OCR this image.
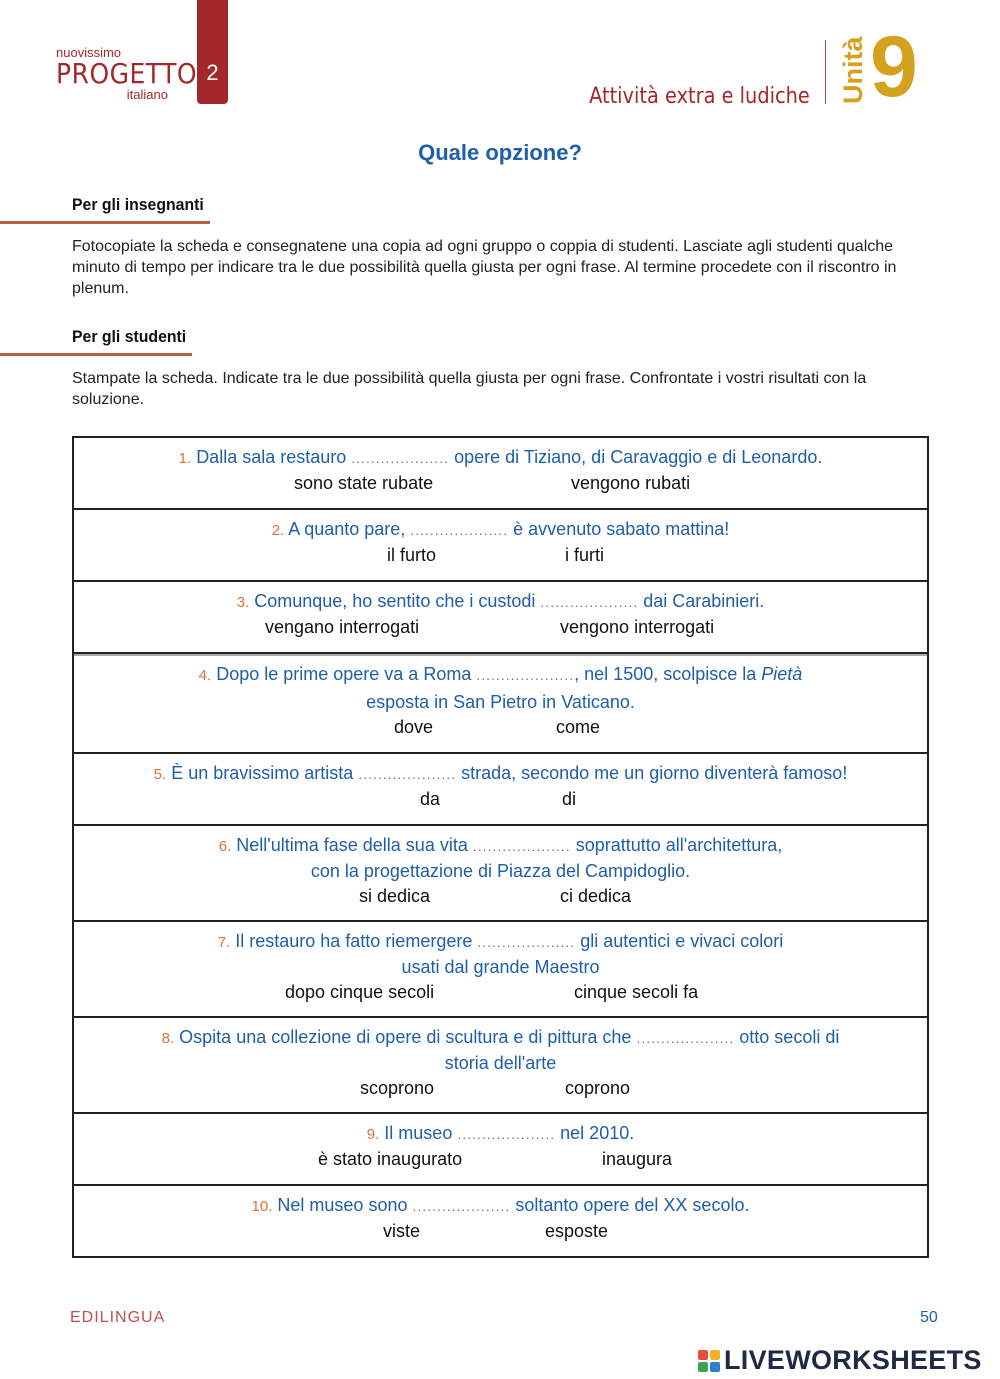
nuovissimo
PROGETTO
italiano
2
Attività extra e ludiche Unità 9
Quale opzione?
Per gli insegnanti
Fotocopiate la scheda e consegnatene una copia ad ogni gruppo o coppia di studenti. Lasciate agli studenti qualche minuto di tempo per indicare tra le due possibilità quella giusta per ogni frase. Al termine procedete con il riscontro in plenum.
Per gli studenti
Stampate la scheda. Indicate tra le due possibilità quella giusta per ogni frase. Confrontate i vostri risultati con la soluzione.
1. Dalla sala restauro .................... opere di Tiziano, di Caravaggio e di Leonardo.
sono state rubate	vengono rubati
2. A quanto pare, .................... è avvenuto sabato mattina!
il furto	i furti
3. Comunque, ho sentito che i custodi .................... dai Carabinieri.
vengano interrogati	vengono interrogati
4. Dopo le prime opere va a Roma ...................., nel 1500, scolpisce la Pietà
esposta in San Pietro in Vaticano.
dove	come
5. È un bravissimo artista .................... strada, secondo me un giorno diventerà famoso!
da	di
6. Nell'ultima fase della sua vita .................... soprattutto all'architettura,
con la progettazione di Piazza del Campidoglio.
si dedica	ci dedica
7. Il restauro ha fatto riemergere .................... gli autentici e vivaci colori
usati dal grande Maestro
dopo cinque secoli	cinque secoli fa
8. Ospita una collezione di opere di scultura e di pittura che .................... otto secoli di
storia dell'arte
scoprono	coprono
9. Il museo .................... nel 2010.
è stato inaugurato	inaugura
10. Nel museo sono .................... soltanto opere del XX secolo.
viste	esposte
EDILINGUA	50
LIVEWORKSHEETS
